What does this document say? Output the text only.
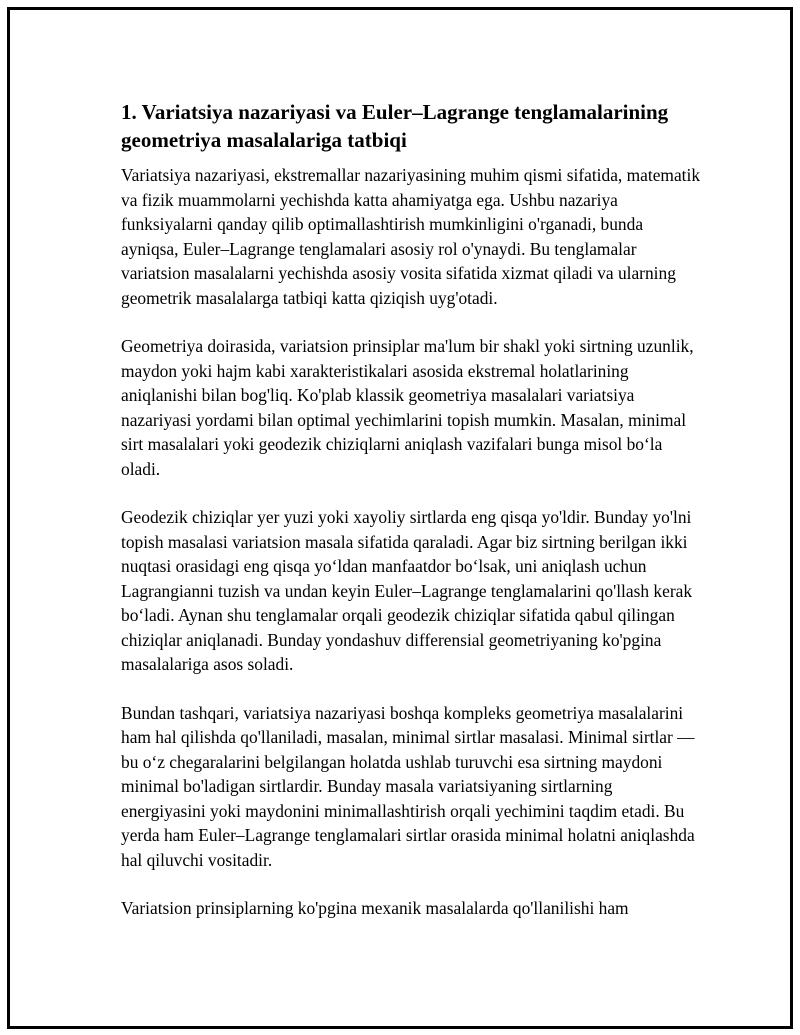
1. Variatsiya nazariyasi va Euler–Lagrange tenglamalarining geometriya masalalariga tatbiqi

Variatsiya nazariyasi, ekstremallar nazariyasining muhim qismi sifatida, matematik va fizik muammolarni yechishda katta ahamiyatga ega. Ushbu nazariya funksiyalarni qanday qilib optimallashtirish mumkinligini o'rganadi, bunda ayniqsa, Euler–Lagrange tenglamalari asosiy rol o'ynaydi. Bu tenglamalar variatsion masalalarni yechishda asosiy vosita sifatida xizmat qiladi va ularning geometrik masalalarga tatbiqi katta qiziqish uyg'otadi.

Geometriya doirasida, variatsion prinsiplar ma'lum bir shakl yoki sirtning uzunlik, maydon yoki hajm kabi xarakteristikalari asosida ekstremal holatlarining aniqlanishi bilan bog'liq. Ko'plab klassik geometriya masalalari variatsiya nazariyasi yordami bilan optimal yechimlarini topish mumkin. Masalan, minimal sirt masalalari yoki geodezik chiziqlarni aniqlash vazifalari bunga misol bo‘la oladi.

Geodezik chiziqlar yer yuzi yoki xayoliy sirtlarda eng qisqa yo'ldir. Bunday yo'lni topish masalasi variatsion masala sifatida qaraladi. Agar biz sirtning berilgan ikki nuqtasi orasidagi eng qisqa yo‘ldan manfaatdor bo‘lsak, uni aniqlash uchun Lagrangianni tuzish va undan keyin Euler–Lagrange tenglamalarini qo'llash kerak bo‘ladi. Aynan shu tenglamalar orqali geodezik chiziqlar sifatida qabul qilingan chiziqlar aniqlanadi. Bunday yondashuv differensial geometriyaning ko'pgina masalalariga asos soladi.

Bundan tashqari, variatsiya nazariyasi boshqa kompleks geometriya masalalarini ham hal qilishda qo'llaniladi, masalan, minimal sirtlar masalasi. Minimal sirtlar — bu o‘z chegaralarini belgilangan holatda ushlab turuvchi esa sirtning maydoni minimal bo'ladigan sirtlardir. Bunday masala variatsiyaning sirtlarning energiyasini yoki maydonini minimallashtirish orqali yechimini taqdim etadi. Bu yerda ham Euler–Lagrange tenglamalari sirtlar orasida minimal holatni aniqlashda hal qiluvchi vositadir.

Variatsion prinsiplarning ko'pgina mexanik masalalarda qo'llanilishi ham
